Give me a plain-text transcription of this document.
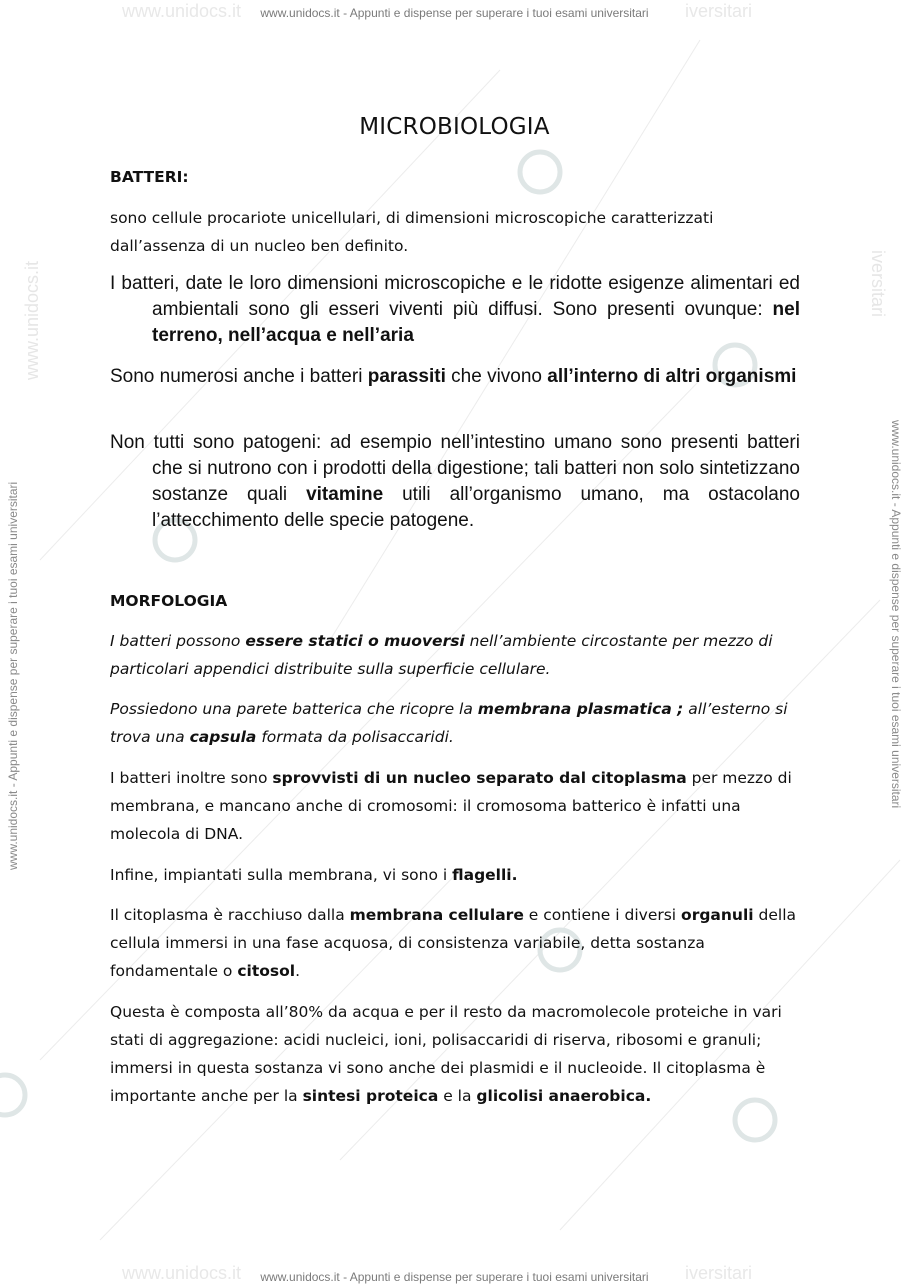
www.unidocs.it	iversitari
www.unidocs.it - Appunti e dispense per superare i tuoi esami universitari
www.unidocs.it	iversitari
www.unidocs.it - Appunti e dispense per superare i tuoi esami universitari
www.unidocs.it - Appunti e dispense per superare i tuoi esami universitari	www.unidocs.it - Appunti e dispense per superare i tuoi esami universitari
www.unidocs.it	iversitari
MICROBIOLOGIA
BATTERI:
sono cellule procariote unicellulari, di dimensioni microscopiche caratterizzati dall’assenza di un nucleo ben definito.
I batteri, date le loro dimensioni microscopiche e le ridotte esigenze alimentari ed ambientali sono gli esseri viventi più diffusi. Sono presenti ovunque: nel terreno, nell’acqua e nell’aria
Sono numerosi anche i batteri parassiti che vivono all’interno di altri organismi
Non tutti sono patogeni: ad esempio nell’intestino umano sono presenti batteri che si nutrono con i prodotti della digestione; tali batteri non solo sintetizzano sostanze quali vitamine utili all’organismo umano, ma ostacolano l’attecchimento delle specie patogene.
MORFOLOGIA
I batteri possono essere statici o muoversi nell’ambiente circostante per mezzo di particolari appendici distribuite sulla superficie cellulare.
Possiedono una parete batterica che ricopre la membrana plasmatica ; all’esterno si trova una capsula formata da polisaccaridi.
I batteri inoltre sono sprovvisti di un nucleo separato dal citoplasma per mezzo di membrana, e mancano anche di cromosomi: il cromosoma batterico è infatti una molecola di DNA.
Infine, impiantati sulla membrana, vi sono i flagelli.
Il citoplasma è racchiuso dalla membrana cellulare e contiene i diversi organuli della cellula immersi in una fase acquosa, di consistenza variabile, detta sostanza fondamentale o citosol.
Questa è composta all’80% da acqua e per il resto da macromolecole proteiche in vari stati di aggregazione: acidi nucleici, ioni, polisaccaridi di riserva, ribosomi e granuli; immersi in questa sostanza vi sono anche dei plasmidi e il nucleoide. Il citoplasma è importante anche per la sintesi proteica e la glicolisi anaerobica.
